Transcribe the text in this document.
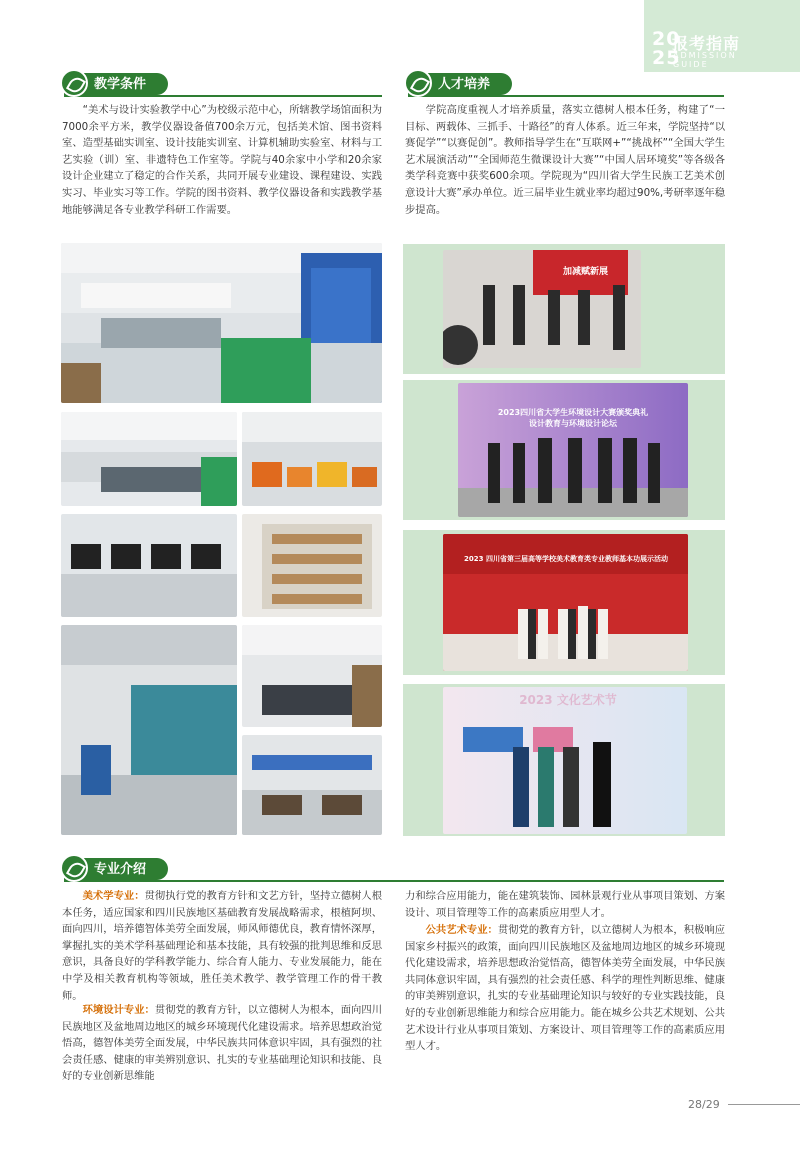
20
25
报考指南
ADMISSION GUIDE
教学条件

“美术与设计实验教学中心”为校级示范中心，所辖教学场馆面积为7000余平方米，教学仪器设备值700余万元，包括美术馆、图书资料室、造型基础实训室、设计技能实训室、计算机辅助实验室、材料与工艺实验（训）室、非遗特色工作室等。学院与40余家中小学和20余家设计企业建立了稳定的合作关系，共同开展专业建设、课程建设、实践实习、毕业实习等工作。学院的图书资料、教学仪器设备和实践教学基地能够满足各专业教学科研工作需要。

人才培养

学院高度重视人才培养质量，落实立德树人根本任务，构建了“一目标、两载体、三抓手、十路径”的育人体系。近三年来，学院坚持“以赛促学”“以赛促创”。教师指导学生在“互联网+”“挑战杯”“全国大学生艺术展演活动”“全国师范生微课设计大赛”“中国人居环境奖”等各级各类学科竞赛中获奖600余项。学院现为“四川省大学生民族工艺美术创意设计大赛”承办单位。近三届毕业生就业率均超过90%,考研率逐年稳步提高。

加减赋新展
2023四川省大学生环境设计大赛颁奖典礼
设计教育与环境设计论坛
2023 四川省第三届高等学校美术教育类专业教师基本功展示活动
2023 文化艺术节
专业介绍

美术学专业：贯彻执行党的教育方针和文艺方针，坚持立德树人根本任务，适应国家和四川民族地区基础教育发展战略需求，根植阿坝、面向四川，培养德智体美劳全面发展，师风师德优良，教育情怀深厚，掌握扎实的美术学科基础理论和基本技能，具有较强的批判思维和反思意识，具备良好的学科教学能力、综合育人能力、专业发展能力，能在中学及相关教育机构等领域，胜任美术教学、教学管理工作的骨干教师。

环境设计专业：贯彻党的教育方针，以立德树人为根本，面向四川民族地区及盆地周边地区的城乡环境现代化建设需求。培养思想政治觉悟高，德智体美劳全面发展，中华民族共同体意识牢固，具有强烈的社会责任感、健康的审美辨别意识、扎实的专业基础理论知识和技能、良好的专业创新思维能

力和综合应用能力，能在建筑装饰、园林景观行业从事项目策划、方案设计、项目管理等工作的高素质应用型人才。

公共艺术专业：贯彻党的教育方针，以立德树人为根本，积极响应国家乡村振兴的政策，面向四川民族地区及盆地周边地区的城乡环境现代化建设需求，培养思想政治觉悟高，德智体美劳全面发展，中华民族共同体意识牢固，具有强烈的社会责任感、科学的理性判断思维、健康的审美辨别意识，扎实的专业基础理论知识与较好的专业实践技能，良好的专业创新思维能力和综合应用能力。能在城乡公共艺术规划、公共艺术设计行业从事项目策划、方案设计、项目管理等工作的高素质应用型人才。

28/29
